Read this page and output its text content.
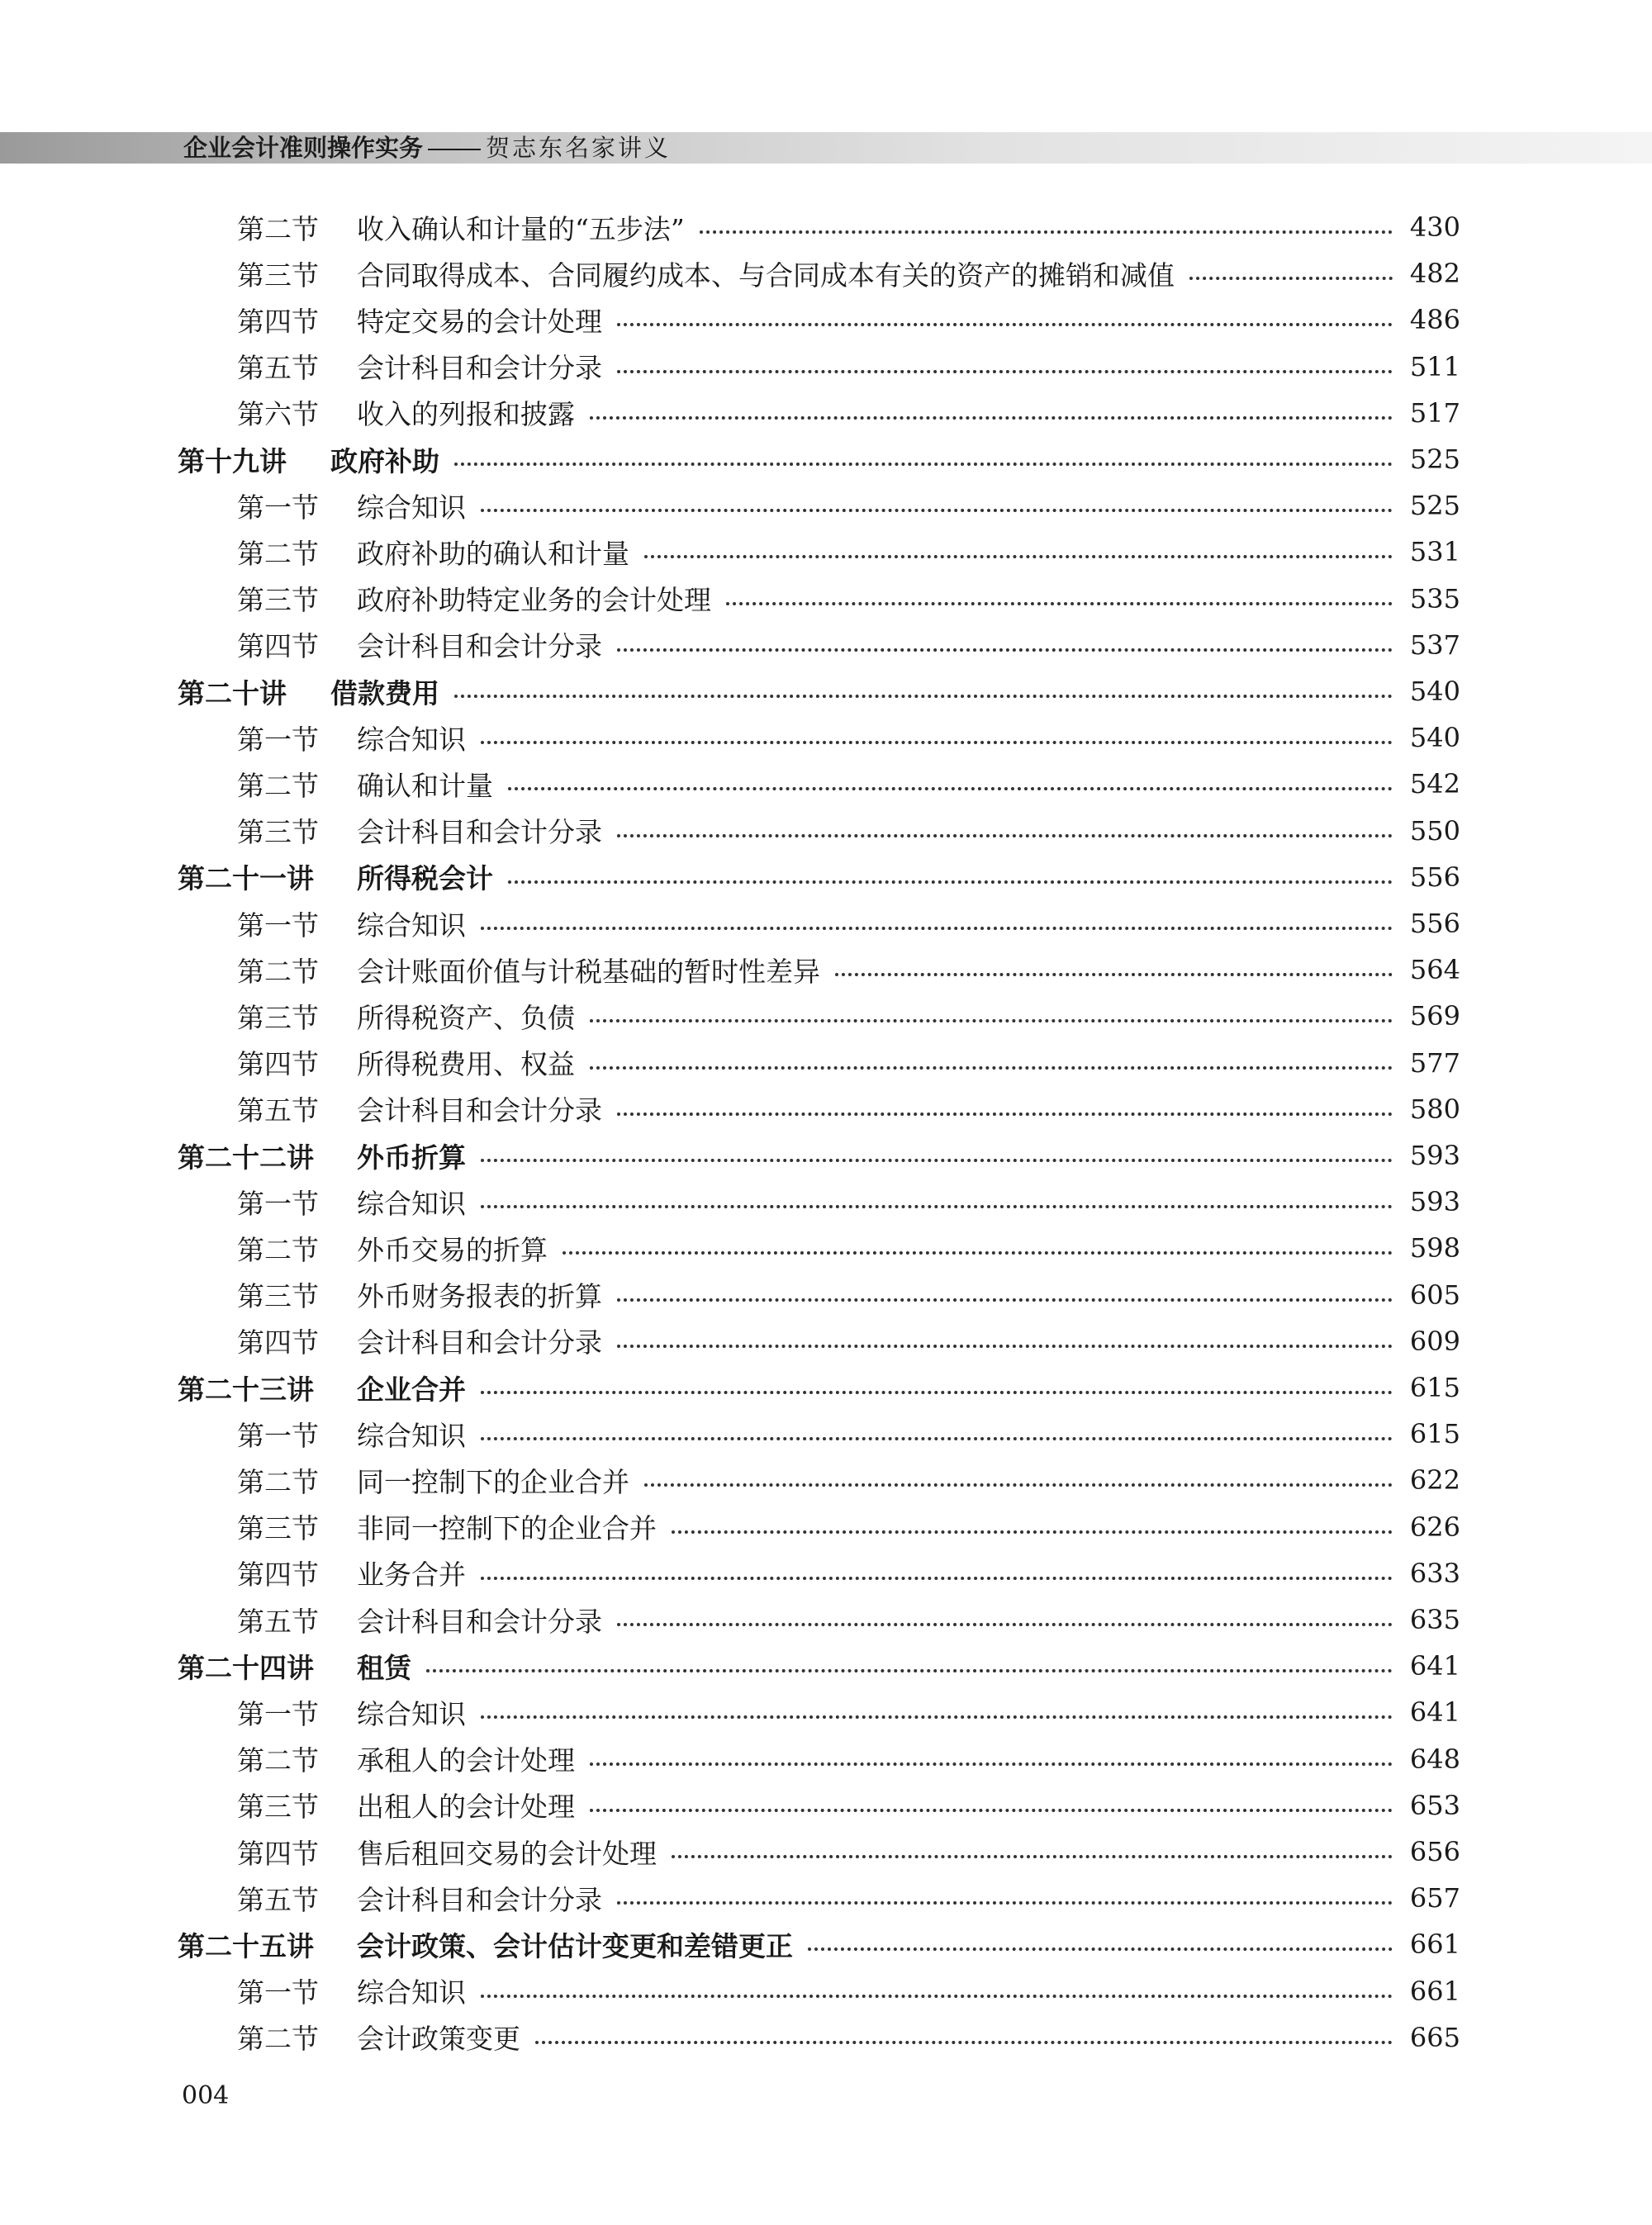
企业会计准则操作实务	贺志东名家讲义
第二节 收入确认和计量的“五步法”	430
第三节 合同取得成本、合同履约成本、与合同成本有关的资产的摊销和减值	482
第四节 特定交易的会计处理	486
第五节 会计科目和会计分录	511
第六节 收入的列报和披露	517
第十九讲 政府补助	525
第一节 综合知识	525
第二节 政府补助的确认和计量	531
第三节 政府补助特定业务的会计处理	535
第四节 会计科目和会计分录	537
第二十讲 借款费用	540
第一节 综合知识	540
第二节 确认和计量	542
第三节 会计科目和会计分录	550
第二十一讲 所得税会计	556
第一节 综合知识	556
第二节 会计账面价值与计税基础的暂时性差异	564
第三节 所得税资产、负债	569
第四节 所得税费用、权益	577
第五节 会计科目和会计分录	580
第二十二讲 外币折算	593
第一节 综合知识	593
第二节 外币交易的折算	598
第三节 外币财务报表的折算	605
第四节 会计科目和会计分录	609
第二十三讲 企业合并	615
第一节 综合知识	615
第二节 同一控制下的企业合并	622
第三节 非同一控制下的企业合并	626
第四节 业务合并	633
第五节 会计科目和会计分录	635
第二十四讲 租赁	641
第一节 综合知识	641
第二节 承租人的会计处理	648
第三节 出租人的会计处理	653
第四节 售后租回交易的会计处理	656
第五节 会计科目和会计分录	657
第二十五讲 会计政策、会计估计变更和差错更正	661
第一节 综合知识	661
第二节 会计政策变更	665
004
